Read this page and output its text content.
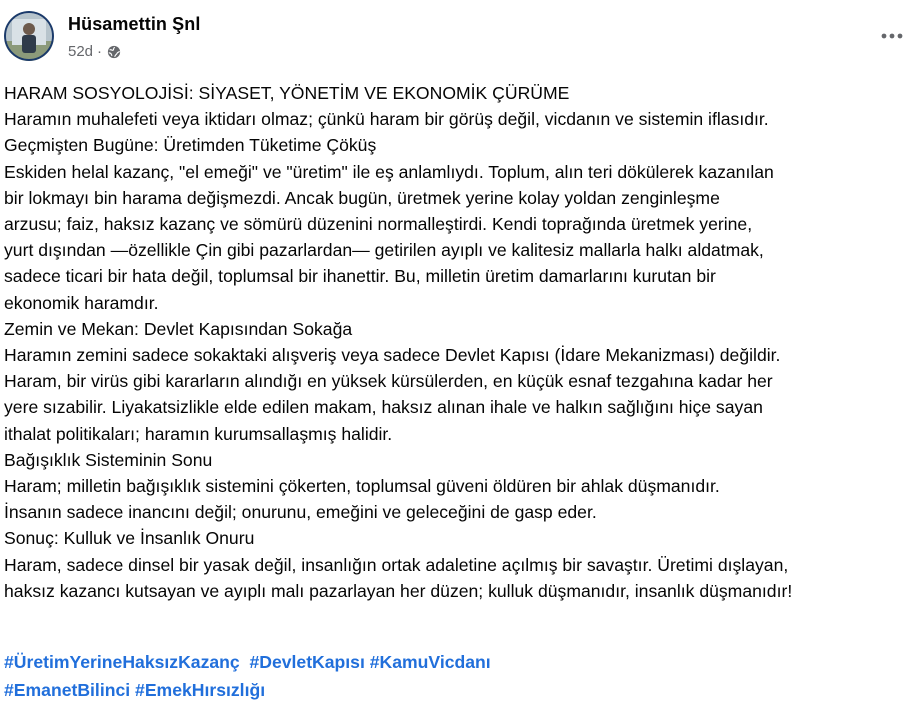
Hüsamettin Şnl
52d ·

HARAM SOSYOLOJİSİ: SİYASET, YÖNETİM VE EKONOMİK ÇÜRÜME

Haramın muhalefeti veya iktidarı olmaz; çünkü haram bir görüş değil, vicdanın ve sistemin iflasıdır.

Geçmişten Bugüne: Üretimden Tüketime Çöküş

Eskiden helal kazanç, "el emeği" ve "üretim" ile eş anlamlıydı. Toplum, alın teri dökülerek kazanılan

bir lokmayı bin harama değişmezdi. Ancak bugün, üretmek yerine kolay yoldan zenginleşme

arzusu; faiz, haksız kazanç ve sömürü düzenini normalleştirdi. Kendi toprağında üretmek yerine,

yurt dışından —özellikle Çin gibi pazarlardan— getirilen ayıplı ve kalitesiz mallarla halkı aldatmak,

sadece ticari bir hata değil, toplumsal bir ihanettir. Bu, milletin üretim damarlarını kurutan bir

ekonomik haramdır.

Zemin ve Mekan: Devlet Kapısından Sokağa

Haramın zemini sadece sokaktaki alışveriş veya sadece Devlet Kapısı (İdare Mekanizması) değildir.

Haram, bir virüs gibi kararların alındığı en yüksek kürsülerden, en küçük esnaf tezgahına kadar her

yere sızabilir. Liyakatsizlikle elde edilen makam, haksız alınan ihale ve halkın sağlığını hiçe sayan

ithalat politikaları; haramın kurumsallaşmış halidir.

Bağışıklık Sisteminin Sonu

Haram; milletin bağışıklık sistemini çökerten, toplumsal güveni öldüren bir ahlak düşmanıdır.

İnsanın sadece inancını değil; onurunu, emeğini ve geleceğini de gasp eder.

Sonuç: Kulluk ve İnsanlık Onuru

Haram, sadece dinsel bir yasak değil, insanlığın ortak adaletine açılmış bir savaştır. Üretimi dışlayan,

haksız kazancı kutsayan ve ayıplı malı pazarlayan her düzen; kulluk düşmanıdır, insanlık düşmanıdır!

#ÜretimYerineHaksızKazanç #DevletKapısı #KamuVicdanı
#EmanetBilinci #EmekHırsızlığı
